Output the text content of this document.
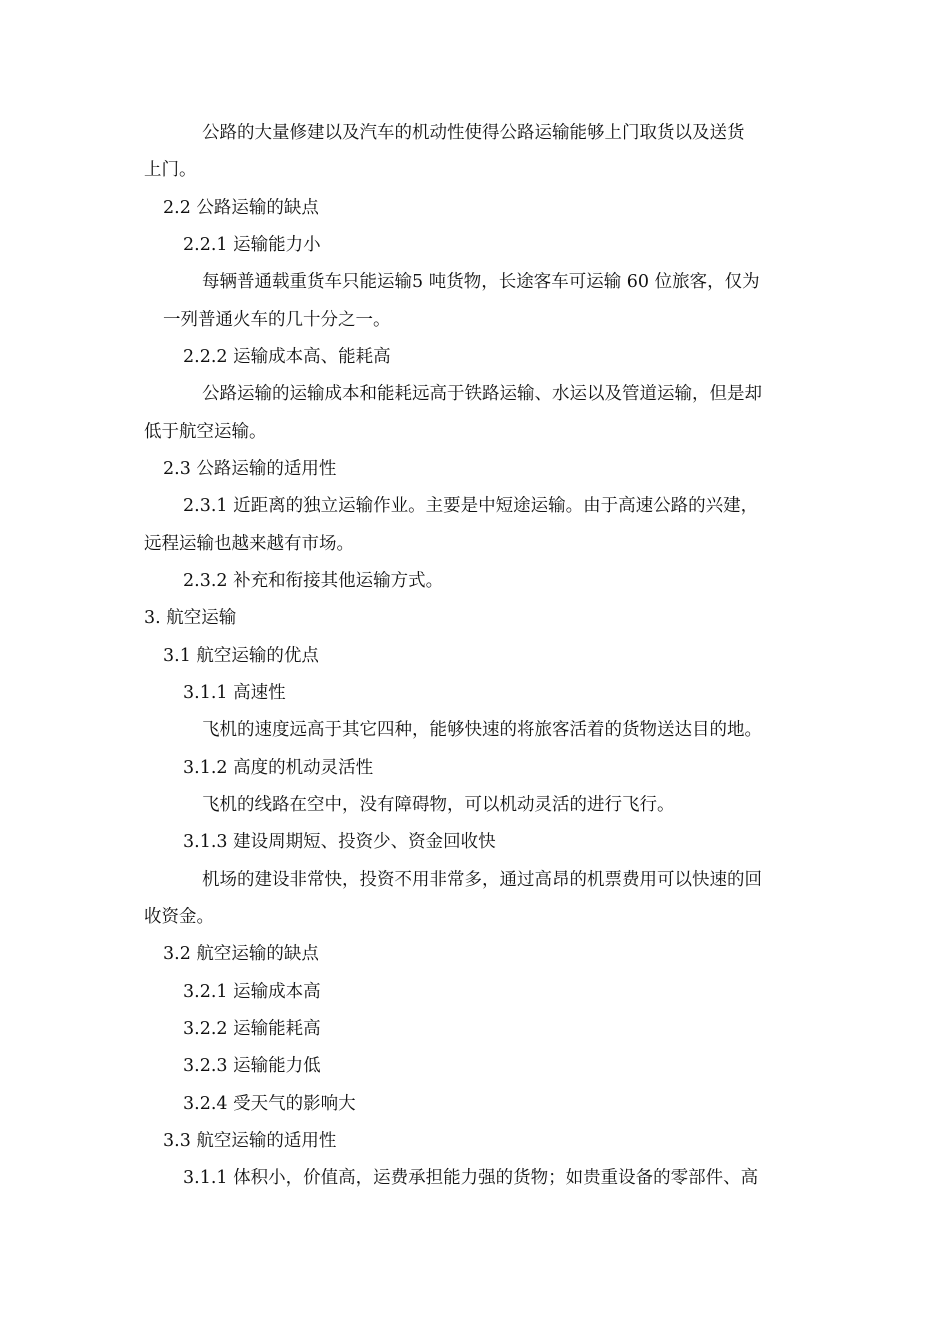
公路的大量修建以及汽车的机动性使得公路运输能够上门取货以及送货
上门。
2.2 公路运输的缺点
2.2.1 运输能力小
每辆普通载重货车只能运输5 吨货物，长途客车可运输 60 位旅客，仅为
一列普通火车的几十分之一。
2.2.2 运输成本高、能耗高
公路运输的运输成本和能耗远高于铁路运输、水运以及管道运输，但是却
低于航空运输。
2.3 公路运输的适用性
2.3.1 近距离的独立运输作业。主要是中短途运输。由于高速公路的兴建，
远程运输也越来越有市场。
2.3.2 补充和衔接其他运输方式。
3. 航空运输
3.1 航空运输的优点
3.1.1 高速性
飞机的速度远高于其它四种，能够快速的将旅客活着的货物送达目的地。
3.1.2 高度的机动灵活性
飞机的线路在空中，没有障碍物，可以机动灵活的进行飞行。
3.1.3 建设周期短、投资少、资金回收快
机场的建设非常快，投资不用非常多，通过高昂的机票费用可以快速的回
收资金。
3.2 航空运输的缺点
3.2.1 运输成本高
3.2.2 运输能耗高
3.2.3 运输能力低
3.2.4 受天气的影响大
3.3 航空运输的适用性
3.1.1 体积小，价值高，运费承担能力强的货物；如贵重设备的零部件、高
